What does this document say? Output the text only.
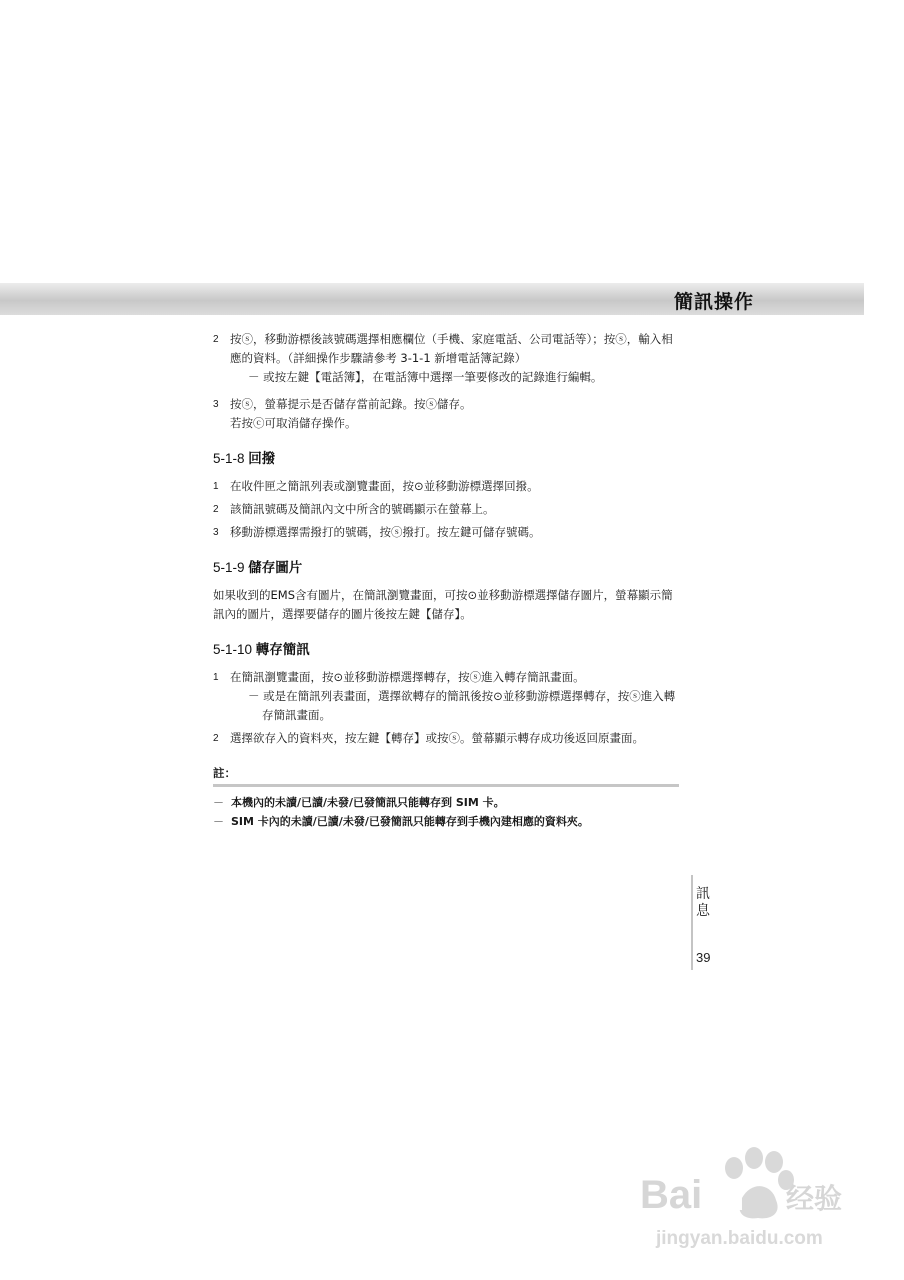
簡訊操作
2 按ⓢ，移動游標後該號碼選擇相應欄位（手機、家庭電話、公司電話等）；按ⓢ，輸入相應的資料。（詳細操作步驟請參考 3-1-1 新增電話簿記錄）
－ 或按左鍵【電話簿】，在電話簿中選擇一筆要修改的記錄進行編輯。
3 按ⓢ，螢幕提示是否儲存當前記錄。按ⓢ儲存。
若按ⓒ可取消儲存操作。
5-1-8 回撥
1 在收件匣之簡訊列表或瀏覽畫面，按⊙並移動游標選擇回撥。
2 該簡訊號碼及簡訊內文中所含的號碼顯示在螢幕上。
3 移動游標選擇需撥打的號碼，按ⓢ撥打。按左鍵可儲存號碼。
5-1-9 儲存圖片

如果收到的EMS含有圖片，在簡訊瀏覽畫面，可按⊙並移動游標選擇儲存圖片，螢幕顯示簡訊內的圖片，選擇要儲存的圖片後按左鍵【儲存】。

5-1-10 轉存簡訊
1 在簡訊瀏覽畫面，按⊙並移動游標選擇轉存，按ⓢ進入轉存簡訊畫面。
－ 或是在簡訊列表畫面，選擇欲轉存的簡訊後按⊙並移動游標選擇轉存，按ⓢ進入轉存簡訊畫面。
2 選擇欲存入的資料夾，按左鍵【轉存】或按ⓢ。螢幕顯示轉存成功後返回原畫面。
註：
－ 本機內的未讀/已讀/未發/已發簡訊只能轉存到 SIM 卡。
－ SIM 卡內的未讀/已讀/未發/已發簡訊只能轉存到手機內建相應的資料夾。
訊息
39
Bai du 经验
jingyan.baidu.com
